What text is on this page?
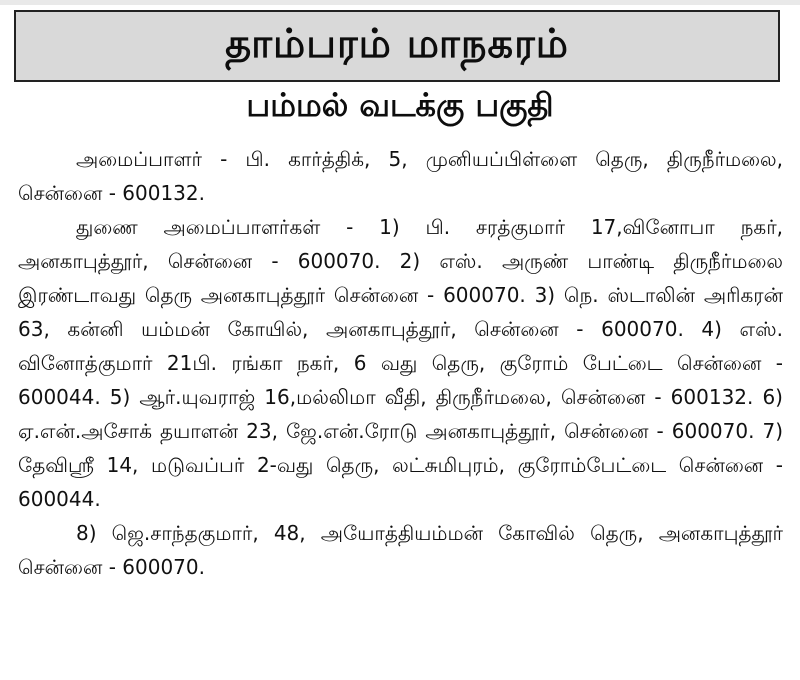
தாம்பரம் மாநகரம்
பம்மல் வடக்கு பகுதி

அமைப்பாளர் - பி. கார்த்திக், 5, முனியப்பிள்ளை தெரு, திருநீர்மலை, சென்னை - 600132.

துணை அமைப்பாளர்கள் - 1) பி. சரத்குமார் 17,வினோபா நகர், அனகாபுத்தூர், சென்னை - 600070. 2) எஸ். அருண் பாண்டி திருநீர்மலை இரண்டாவது தெரு அனகாபுத்தூர் சென்னை - 600070. 3) நெ. ஸ்டாலின் அரிகரன் 63, கன்னி யம்மன் கோயில், அனகாபுத்தூர், சென்னை - 600070. 4) எஸ். வினோத்குமார் 21பி. ரங்கா நகர், 6 வது தெரு, குரோம் பேட்டை சென்னை - 600044. 5) ஆர்.யுவராஜ் 16,மல்லிமா வீதி, திருநீர்மலை, சென்னை - 600132. 6) ஏ.என்.அசோக் தயாளன் 23, ஜே.என்.ரோடு அனகாபுத்தூர், சென்னை - 600070. 7) தேவிஸ்ரீ 14, மடுவப்பர் 2-வது தெரு, லட்சுமிபுரம், குரோம்பேட்டை சென்னை - 600044.

8) ஜெ.சாந்தகுமார், 48, அயோத்தியம்மன் கோவில் தெரு, அனகாபுத்தூர் சென்னை - 600070.
